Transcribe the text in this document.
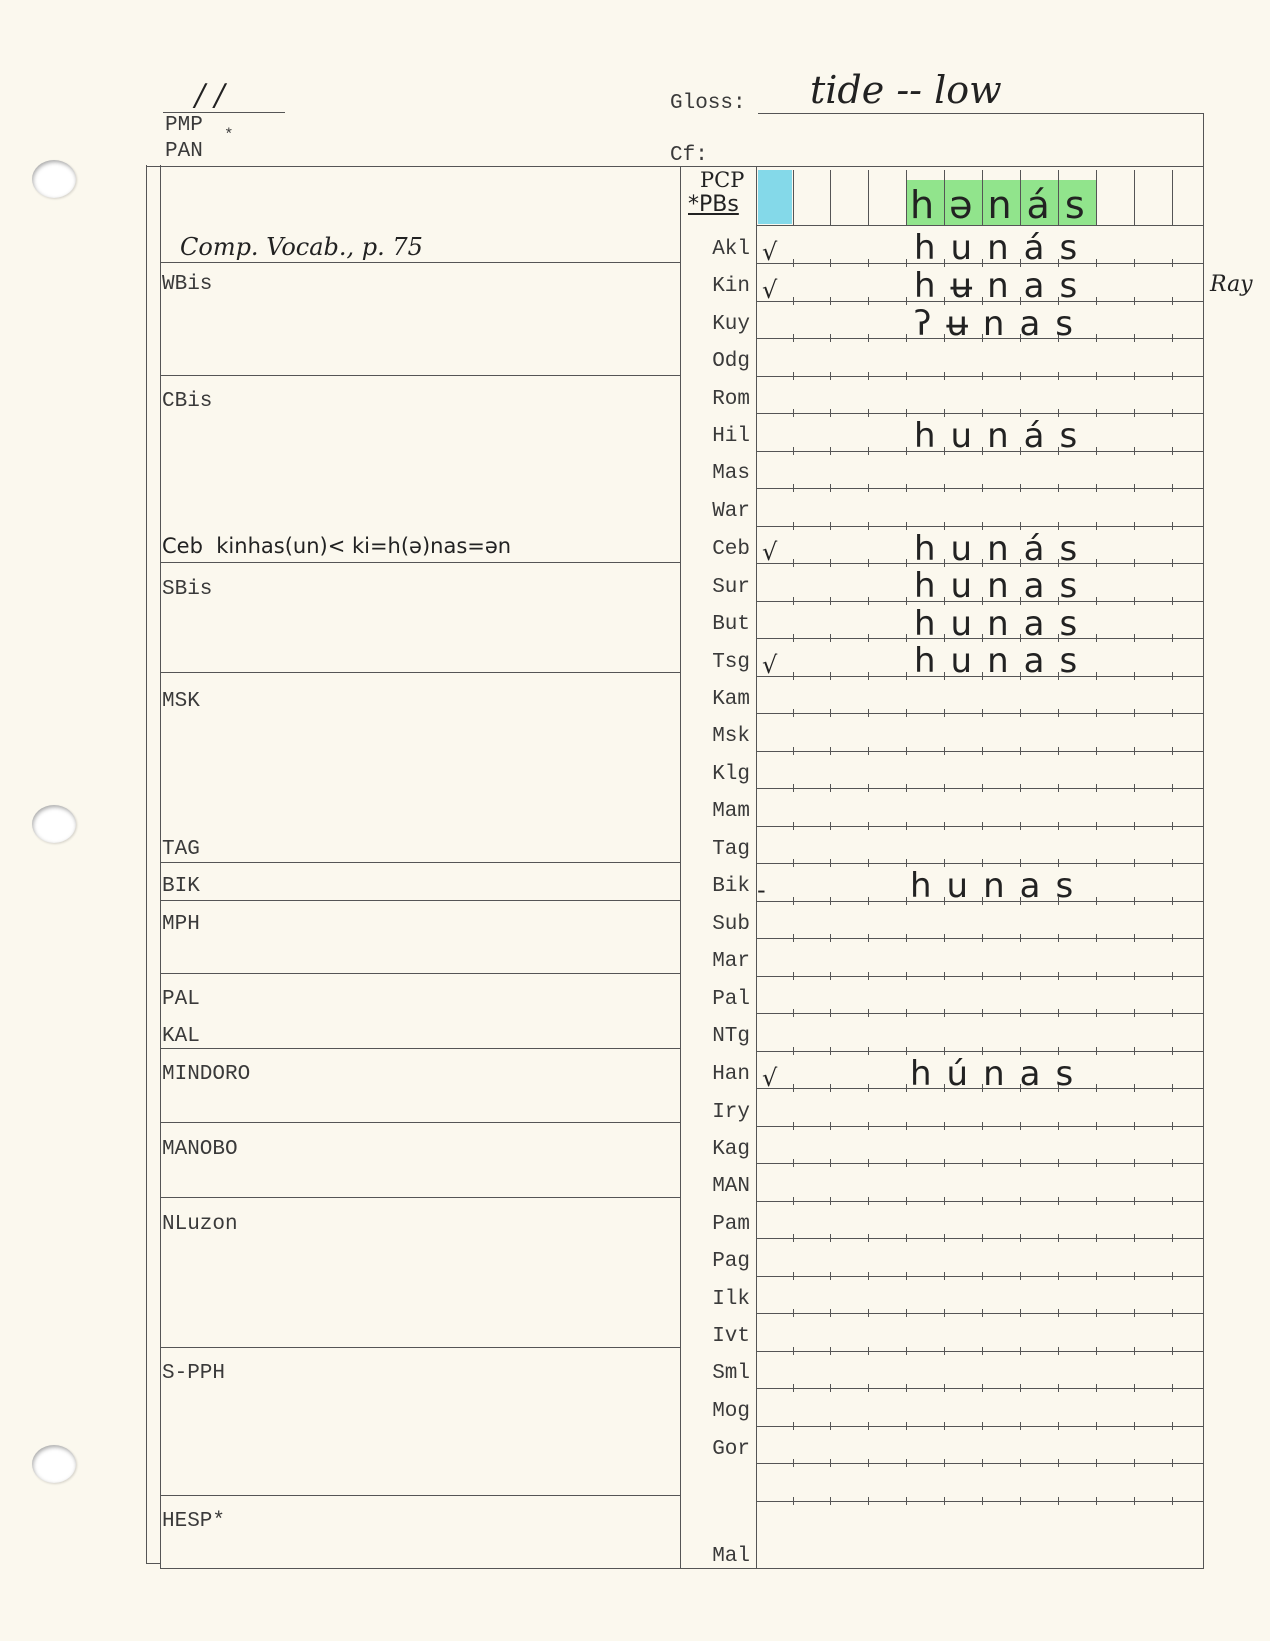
/ /
PMP *
PAN
Gloss: tide -- low
Cf:
Comp. Vocab., p. 75
Ceb  kinhas(un)< ki=h(ə)nas=ən
WBis
CBis
SBis
MSK
TAG
BIK
MPH
PAL
KAL
MINDORO
MANOBO
NLuzon
S-PPH
HESP*
PCP
*PBs	hənás
Akl
Kin
Kuy
Odg
Rom
Hil
Mas
War
Ceb
Sur
But
Tsg
Kam
Msk
Klg
Mam
Tag
Bik
Sub
Mar
Pal
NTg
Han
Iry
Kag
MAN
Pam
Pag
Ilk
Ivt
Sml
Mog
Gor
Mal
√
√
√
√
-
√
hunás
hʉnas
ʔʉnas
hunás
hunás
hunas
hunas
hunas
hunas
húnas
Ray
